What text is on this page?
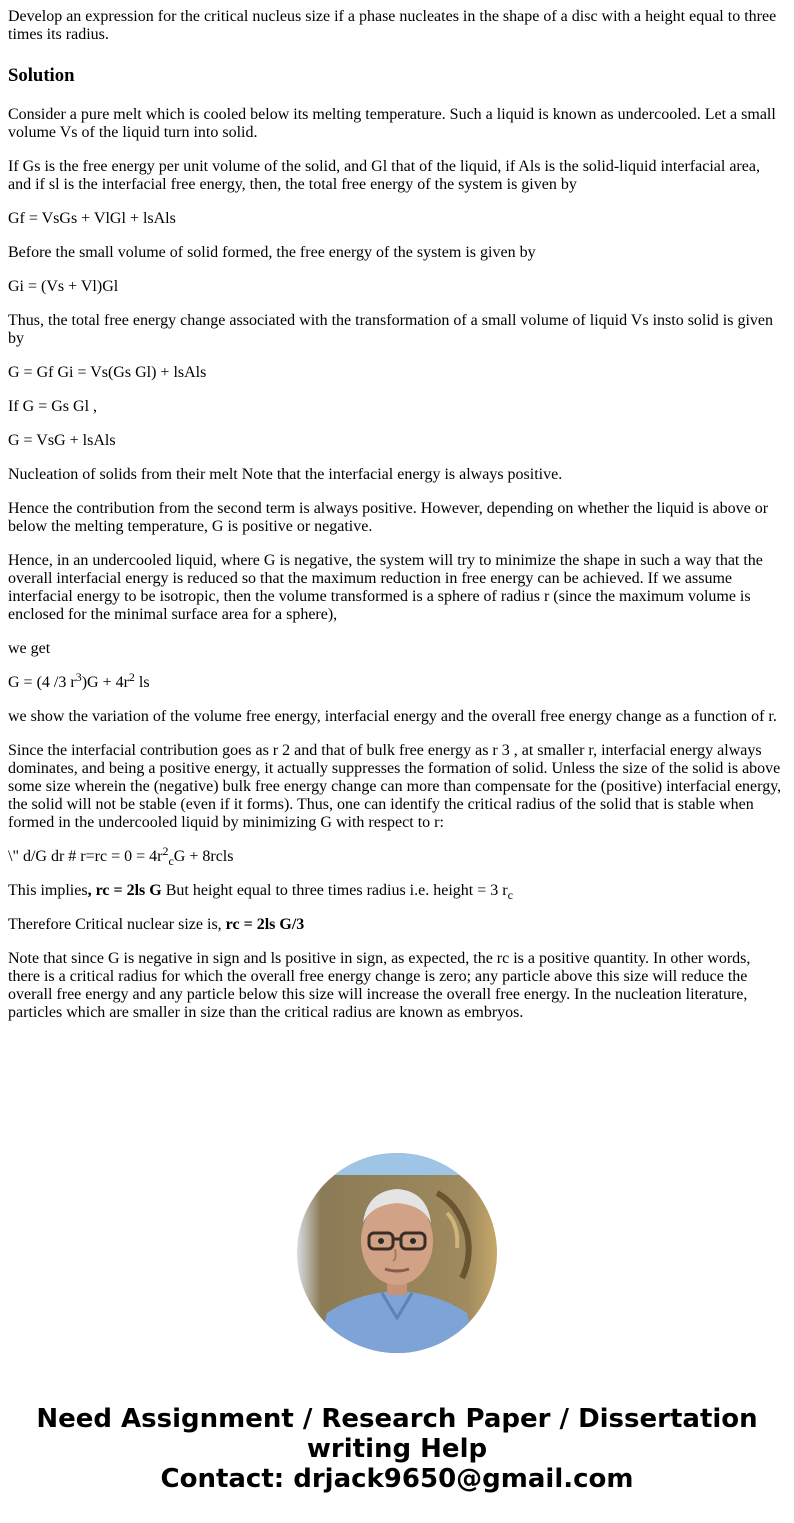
Develop an expression for the critical nucleus size if a phase nucleates in the shape of a disc with a height equal to three times its radius.

Solution

Consider a pure melt which is cooled below its melting temperature. Such a liquid is known as undercooled. Let a small volume Vs of the liquid turn into solid.

If Gs is the free energy per unit volume of the solid, and Gl that of the liquid, if Als is the solid-liquid interfacial area, and if sl is the interfacial free energy, then, the total free energy of the system is given by

Gf = VsGs + VlGl + lsAls

Before the small volume of solid formed, the free energy of the system is given by

Gi = (Vs + Vl)Gl

Thus, the total free energy change associated with the transformation of a small volume of liquid Vs insto solid is given by

G = Gf Gi = Vs(Gs Gl) + lsAls

If G = Gs Gl ,

G = VsG + lsAls

Nucleation of solids from their melt Note that the interfacial energy is always positive.

Hence the contribution from the second term is always positive. However, depending on whether the liquid is above or below the melting temperature, G is positive or negative.

Hence, in an undercooled liquid, where G is negative, the system will try to minimize the shape in such a way that the overall interfacial energy is reduced so that the maximum reduction in free energy can be achieved. If we assume interfacial energy to be isotropic, then the volume transformed is a sphere of radius r (since the maximum volume is enclosed for the minimal surface area for a sphere),

we get

G = (4 /3 $r^3)G + 4r^2$ ls

we show the variation of the volume free energy, interfacial energy and the overall free energy change as a function of r.

Since the interfacial contribution goes as r 2 and that of bulk free energy as r 3 , at smaller r, interfacial energy always dominates, and being a positive energy, it actually suppresses the formation of solid. Unless the size of the solid is above some size wherein the (negative) bulk free energy change can more than compensate for the (positive) interfacial energy, the solid will not be stable (even if it forms). Thus, one can identify the critical radius of the solid that is stable when formed in the undercooled liquid by minimizing G with respect to r:

\" d/G dr # $r=rc = 0 = 4r^2_cG$ + 8rcls

This implies, rc = 2ls G But height equal to three times radius i.e. height = 3 $r_c$

Therefore Critical nuclear size is, rc = 2ls G/3

Note that since G is negative in sign and ls positive in sign, as expected, the rc is a positive quantity. In other words, there is a critical radius for which the overall free energy change is zero; any particle above this size will reduce the overall free energy and any particle below this size will increase the overall free energy. In the nucleation literature, particles which are smaller in size than the critical radius are known as embryos.

Need Assignment / Research Paper / Dissertation writing Help
Contact: drjack9650@gmail.com
